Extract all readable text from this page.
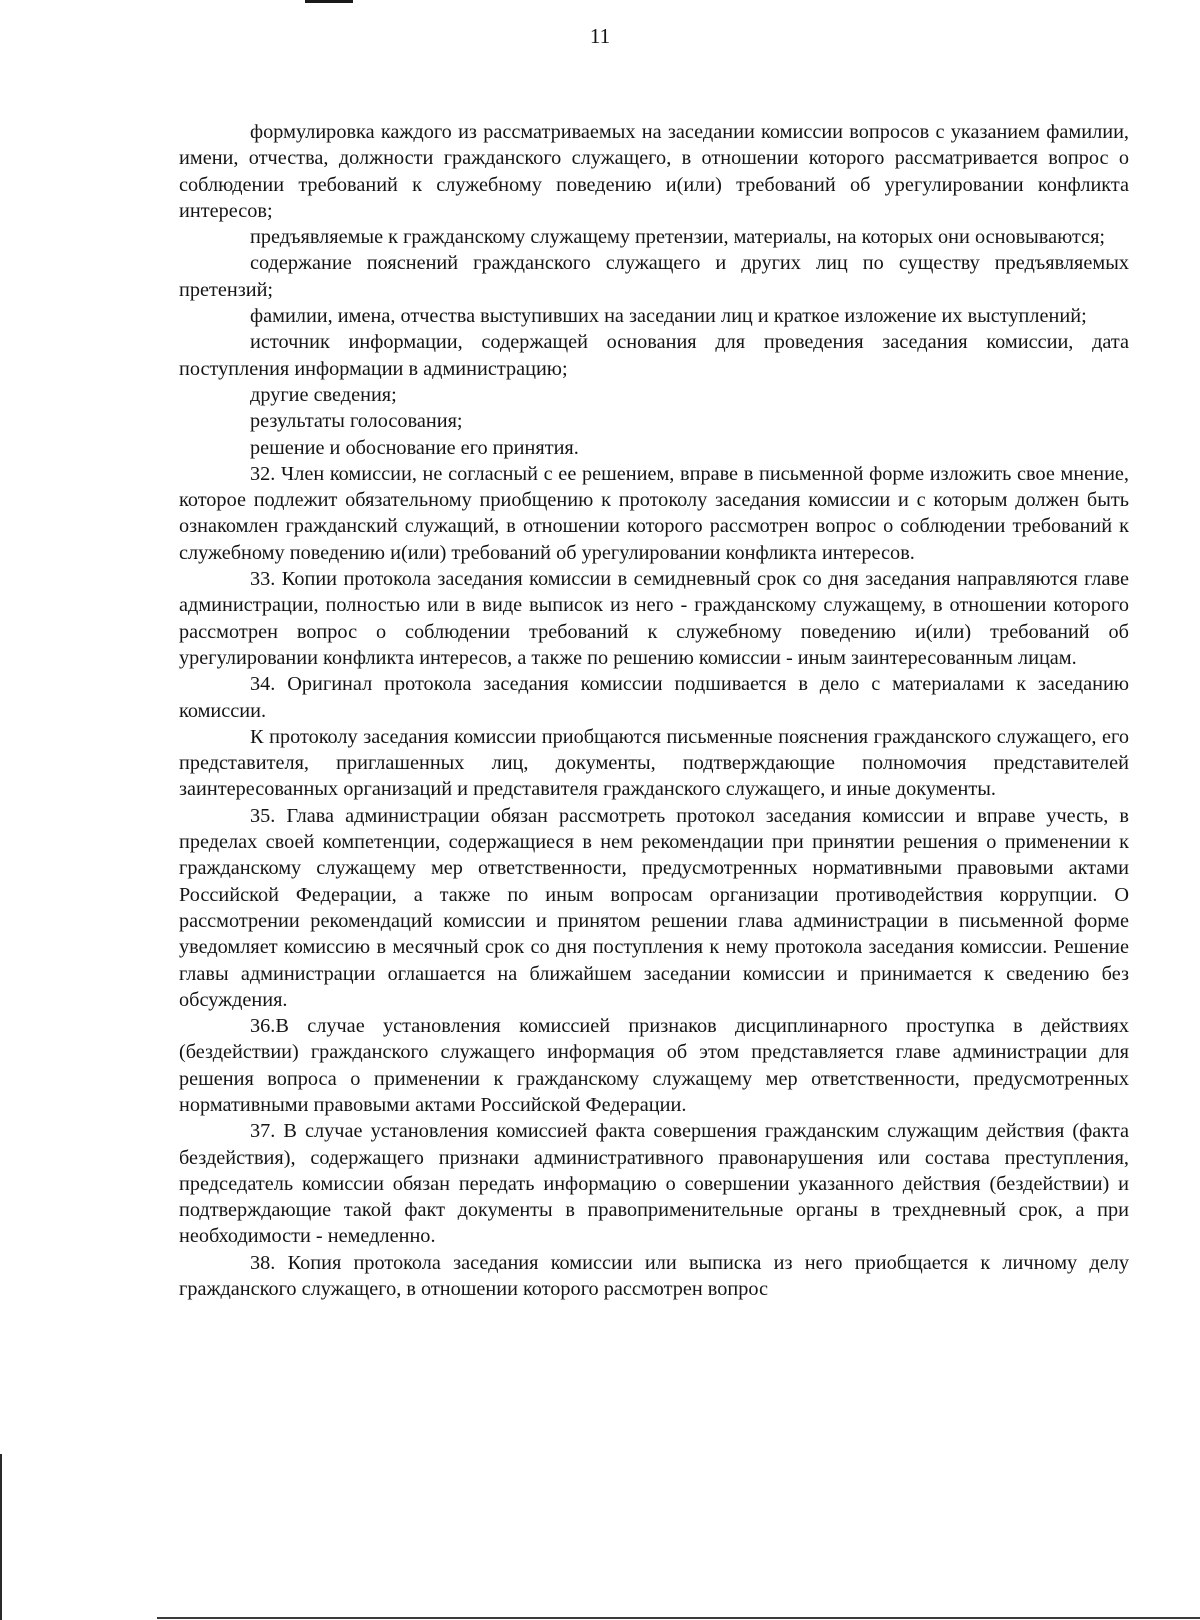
11

формулировка каждого из рассматриваемых на заседании комиссии вопросов с указанием фамилии, имени, отчества, должности гражданского служащего, в отношении которого рассматривается вопрос о соблюдении требований к служебному поведению и(или) требований об урегулировании конфликта интересов;

предъявляемые к гражданскому служащему претензии, материалы, на которых они основываются;

содержание пояснений гражданского служащего и других лиц по существу предъявляемых претензий;

фамилии, имена, отчества выступивших на заседании лиц и краткое изложение их выступлений;

источник информации, содержащей основания для проведения заседания комиссии, дата поступления информации в администрацию;

другие сведения;

результаты голосования;

решение и обоснование его принятия.

32. Член комиссии, не согласный с ее решением, вправе в письменной форме изложить свое мнение, которое подлежит обязательному приобщению к протоколу заседания комиссии и с которым должен быть ознакомлен гражданский служащий, в отношении которого рассмотрен вопрос о соблюдении требований к служебному поведению и(или) требований об урегулировании конфликта интересов.

33. Копии протокола заседания комиссии в семидневный срок со дня заседания направляются главе администрации, полностью или в виде выписок из него - гражданскому служащему, в отношении которого рассмотрен вопрос о соблюдении требований к служебному поведению и(или) требований об урегулировании конфликта интересов, а также по решению комиссии - иным заинтересованным лицам.

34. Оригинал протокола заседания комиссии подшивается в дело с материалами к заседанию комиссии.

К протоколу заседания комиссии приобщаются письменные пояснения гражданского служащего, его представителя, приглашенных лиц, документы, подтверждающие полномочия представителей заинтересованных организаций и представителя гражданского служащего, и иные документы.

35. Глава администрации обязан рассмотреть протокол заседания комиссии и вправе учесть, в пределах своей компетенции, содержащиеся в нем рекомендации при принятии решения о применении к гражданскому служащему мер ответственности, предусмотренных нормативными правовыми актами Российской Федерации, а также по иным вопросам организации противодействия коррупции. О рассмотрении рекомендаций комиссии и принятом решении глава администрации в письменной форме уведомляет комиссию в месячный срок со дня поступления к нему протокола заседания комиссии. Решение главы администрации оглашается на ближайшем заседании комиссии и принимается к сведению без обсуждения.

36.В случае установления комиссией признаков дисциплинарного проступка в действиях (бездействии) гражданского служащего информация об этом представляется главе администрации для решения вопроса о применении к гражданскому служащему мер ответственности, предусмотренных нормативными правовыми актами Российской Федерации.

37. В случае установления комиссией факта совершения гражданским служащим действия (факта бездействия), содержащего признаки административного правонарушения или состава преступления, председатель комиссии обязан передать информацию о совершении указанного действия (бездействии) и подтверждающие такой факт документы в правоприменительные органы в трехдневный срок, а при необходимости - немедленно.

38. Копия протокола заседания комиссии или выписка из него приобщается к личному делу гражданского служащего, в отношении которого рассмотрен вопрос
